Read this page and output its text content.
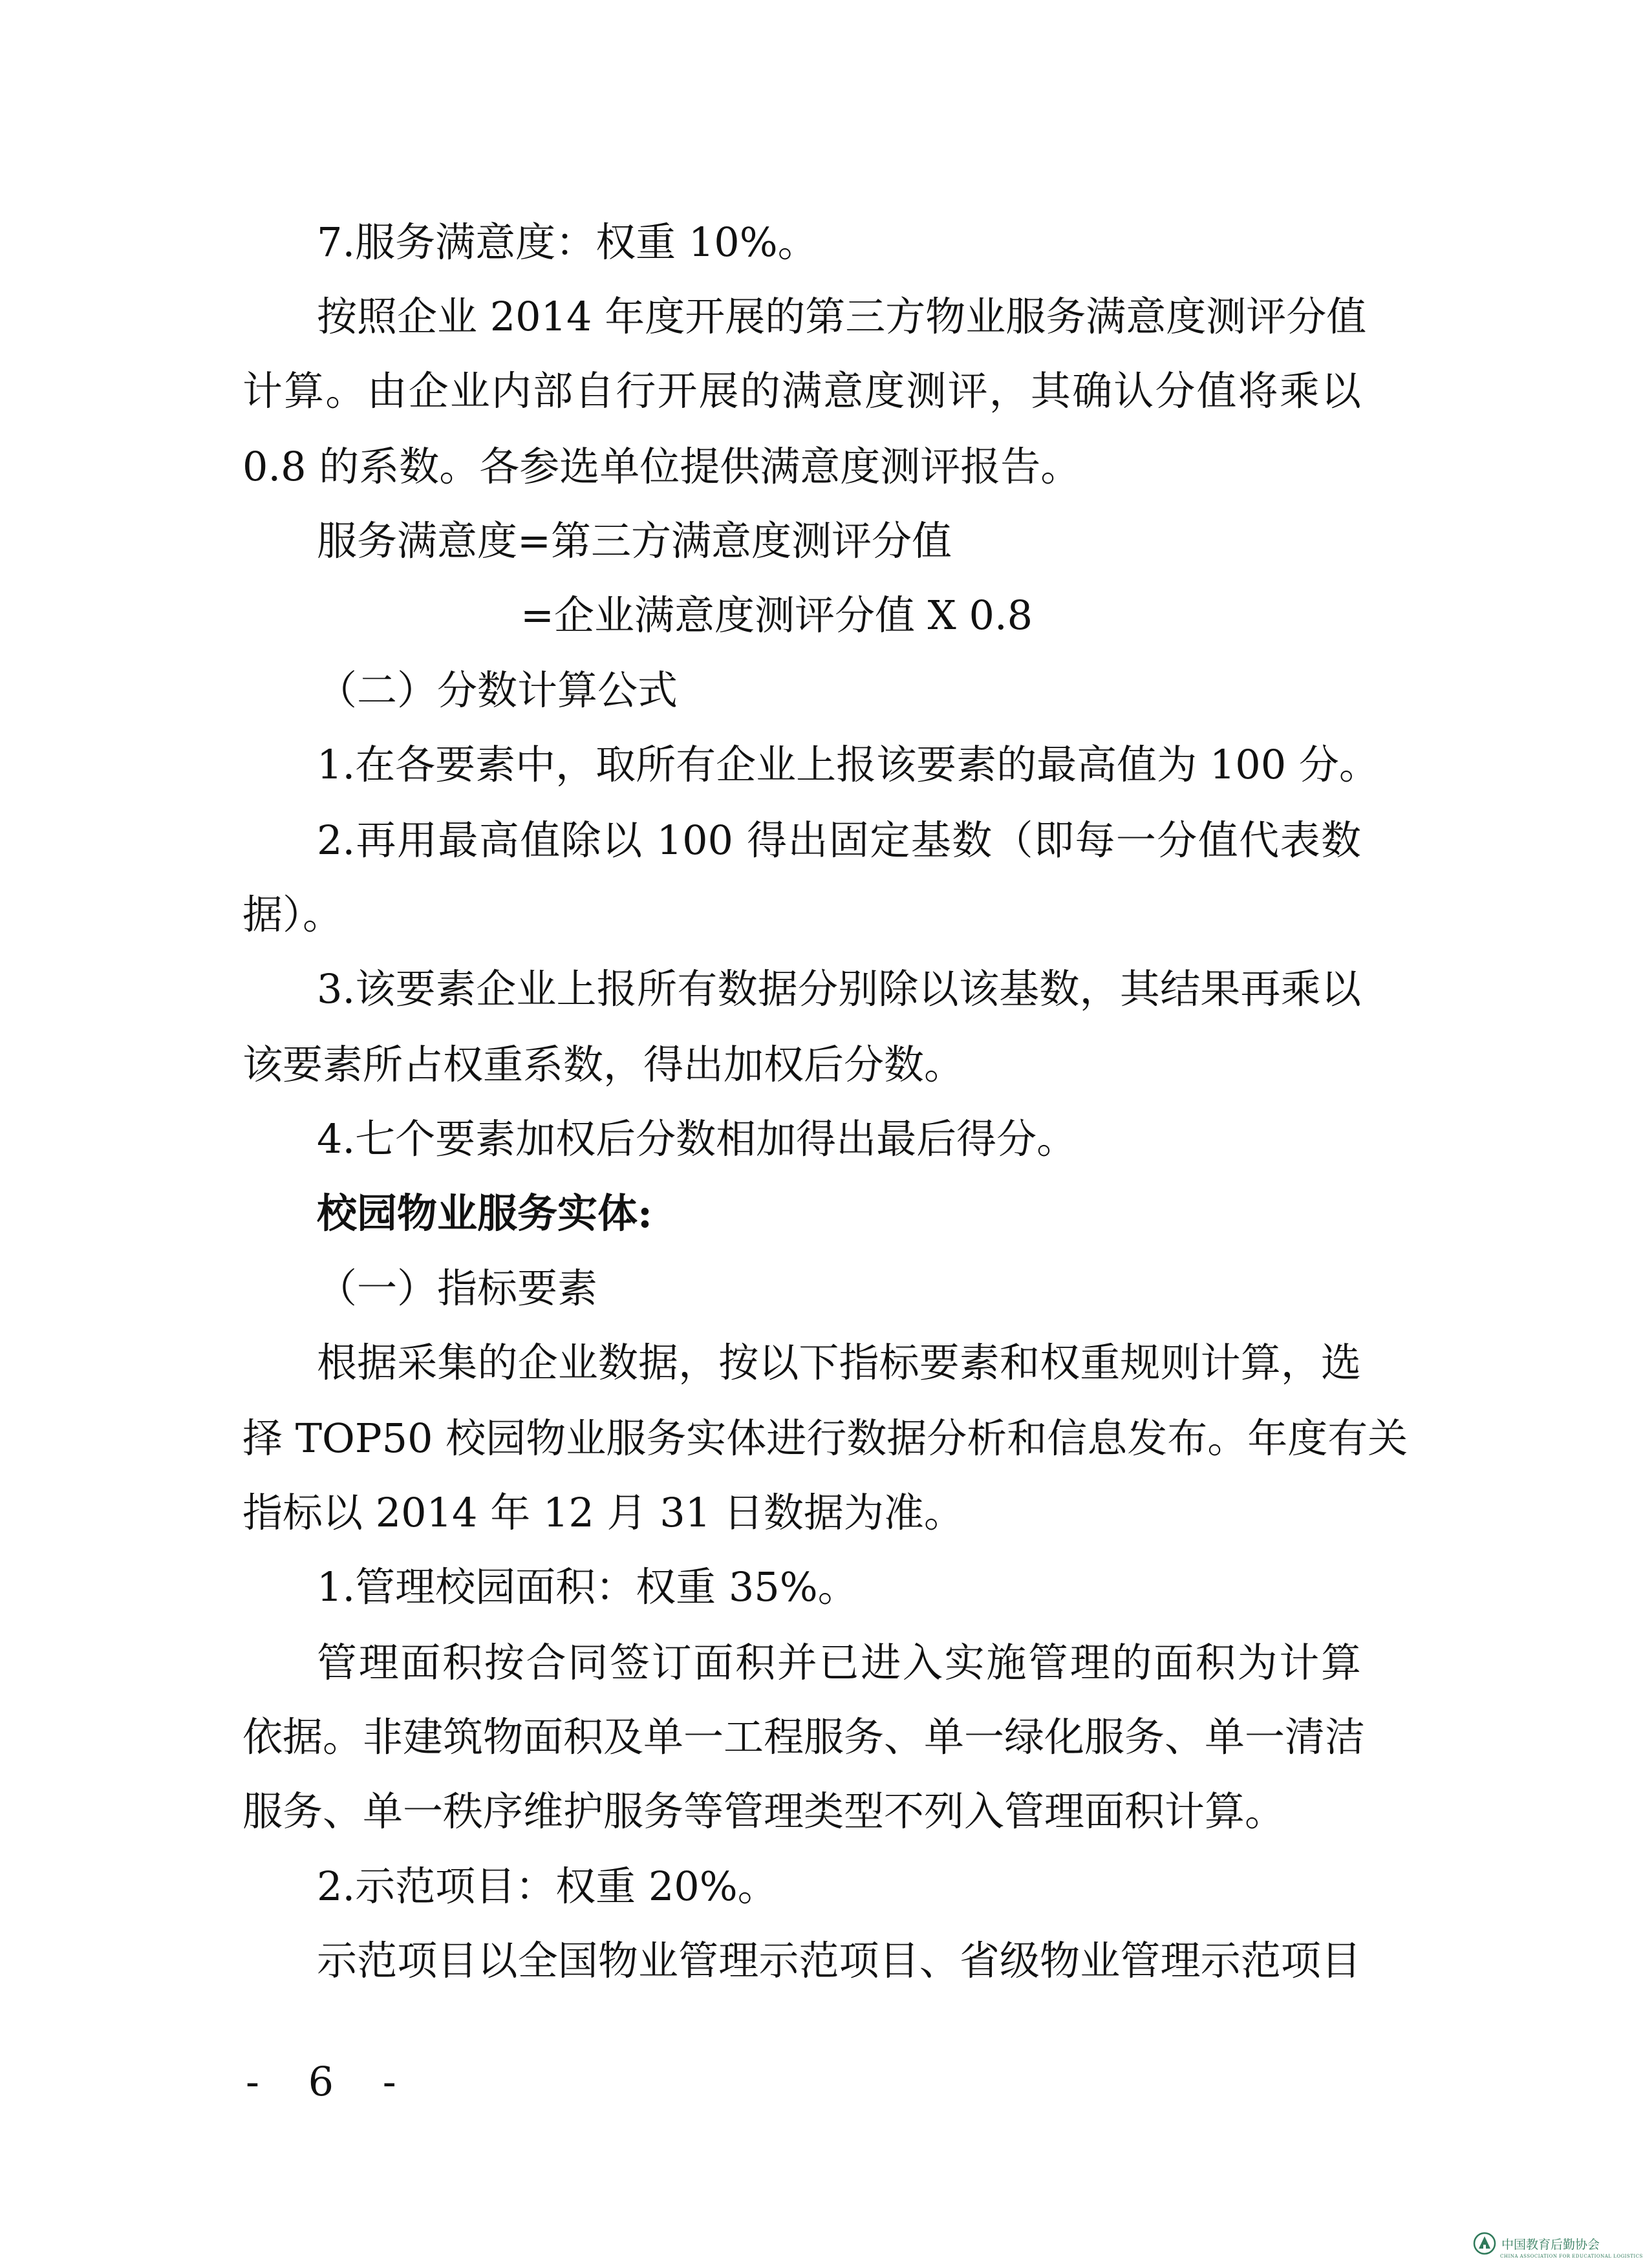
7.服务满意度：权重 10%。

按照企业 2014 年度开展的第三方物业服务满意度测评分值

计算。由企业内部自行开展的满意度测评，其确认分值将乘以

0.8 的系数。各参选单位提供满意度测评报告。

服务满意度=第三方满意度测评分值

=企业满意度测评分值 X 0.8

（二）分数计算公式

1.在各要素中，取所有企业上报该要素的最高值为 100 分。

2.再用最高值除以 100 得出固定基数（即每一分值代表数

据）。

3.该要素企业上报所有数据分别除以该基数，其结果再乘以

该要素所占权重系数，得出加权后分数。

4.七个要素加权后分数相加得出最后得分。

校园物业服务实体:

（一）指标要素

根据采集的企业数据，按以下指标要素和权重规则计算，选

择 TOP50 校园物业服务实体进行数据分析和信息发布。年度有关

指标以 2014 年 12 月 31 日数据为准。

1.管理校园面积：权重 35%。

管理面积按合同签订面积并已进入实施管理的面积为计算

依据。非建筑物面积及单一工程服务、单一绿化服务、单一清洁

服务、单一秩序维护服务等管理类型不列入管理面积计算。

2.示范项目：权重 20%。

示范项目以全国物业管理示范项目、省级物业管理示范项目

- 6 -

中国教育后勤协会
CHINA ASSOCIATION FOR EDUCATIONAL LOGISTICS
